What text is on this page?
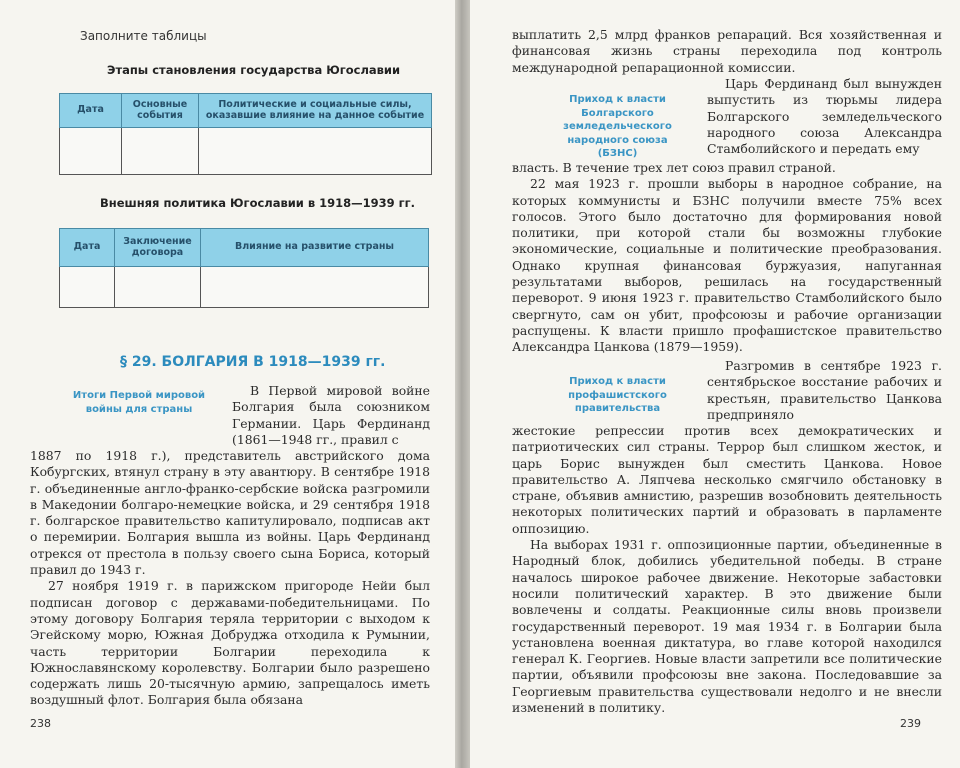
Заполните таблицы
Этапы становления государства Югославии
Дата	Основные события	Политические и социальные силы, оказавшие влияние на данное событие

Внешняя политика Югославии в 1918—1939 гг.
Дата	Заключение договора	Влияние на развитие страны

§ 29. БОЛГАРИЯ В 1918—1939 гг.
Итоги Первой мировой войны для страны

В Первой мировой войне Болгария была союзником Германии. Царь Фердинанд (1861—1948 гг., правил с

1887 по 1918 г.), представитель австрийского дома Кобургских, втянул страну в эту авантюру. В сентябре 1918 г. объединенные англо-франко-сербские войска разгромили в Македонии болгаро-немецкие войска, и 29 сентября 1918 г. болгарское правительство капитулировало, подписав акт о перемирии. Болгария вышла из войны. Царь Фердинанд отрекся от престола в пользу своего сына Бориса, который правил до 1943 г.

27 ноября 1919 г. в парижском пригороде Нейи был подписан договор с державами-победительницами. По этому договору Болгария теряла территории с выходом к Эгейскому морю, Южная Добруджа отходила к Румынии, часть территории Болгарии переходила к Южнославянскому королевству. Болгарии было разрешено содержать лишь 20-тысячную армию, запрещалось иметь воздушный флот. Болгария была обязана

238

выплатить 2,5 млрд франков репараций. Вся хозяйственная и финансовая жизнь страны переходила под контроль международной репарационной комиссии.

Приход к власти Болгарского земледельческого народного союза (БЗНС)

Царь Фердинанд был вынужден выпустить из тюрьмы лидера Болгарского земледельческого народного союза Александра Стамболийского и передать ему

власть. В течение трех лет союз правил страной.

22 мая 1923 г. прошли выборы в народное собрание, на которых коммунисты и БЗНС получили вместе 75% всех голосов. Этого было достаточно для формирования новой политики, при которой стали бы возможны глубокие экономические, социальные и политические преобразования. Однако крупная финансовая буржуазия, напуганная результатами выборов, решилась на государственный переворот. 9 июня 1923 г. правительство Стамболийского было свергнуто, сам он убит, профсоюзы и рабочие организации распущены. К власти пришло профашистское правительство Александра Цанкова (1879—1959).

Приход к власти профашистского правительства

Разгромив в сентябре 1923 г. сентябрьское восстание рабочих и крестьян, правительство Цанкова предприняло

жестокие репрессии против всех демократических и патриотических сил страны. Террор был слишком жесток, и царь Борис вынужден был сместить Цанкова. Новое правительство А. Ляпчева несколько смягчило обстановку в стране, объявив амнистию, разрешив возобновить деятельность некоторых политических партий и образовать в парламенте оппозицию.

На выборах 1931 г. оппозиционные партии, объединенные в Народный блок, добились убедительной победы. В стране началось широкое рабочее движение. Некоторые забастовки носили политический характер. В это движение были вовлечены и солдаты. Реакционные силы вновь произвели государственный переворот. 19 мая 1934 г. в Болгарии была установлена военная диктатура, во главе которой находился генерал К. Георгиев. Новые власти запретили все политические партии, объявили профсоюзы вне закона. Последовавшие за Георгиевым правительства существовали недолго и не внесли изменений в политику.

239
